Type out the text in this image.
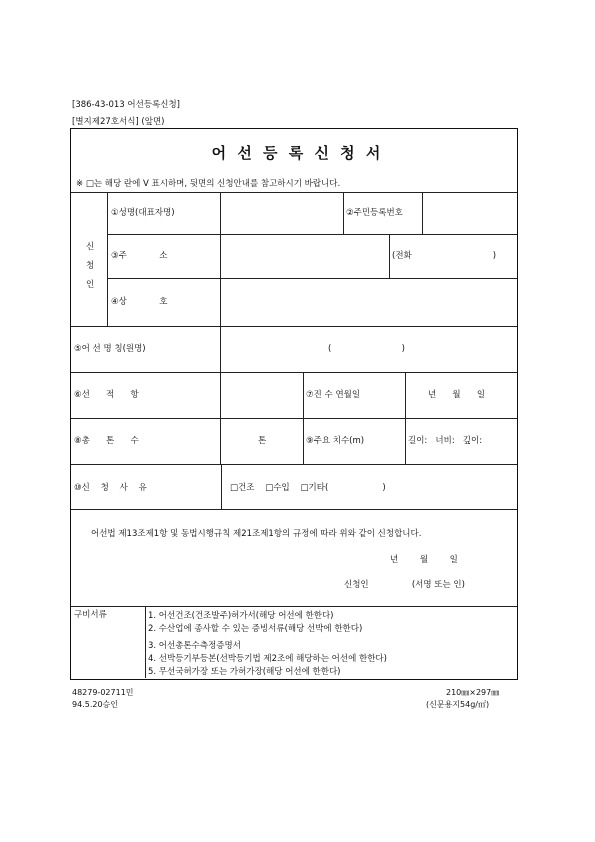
[386-43-013 어선등록신청]
[별지제27호서식] (앞면)
어 선 등 록 신 청 서
※ □는 해당 란에 V 표시하며, 뒷면의 신청안내를 참고하시기 바랍니다.
신
청
인
①성명(대표자명)	②주민등록번호
③주            소	(전화                              )
④상            호
⑤어 선 명 칭(원명)	(                          )
⑥선      적      항	⑦진 수 연월일	년      월      일
⑧총      톤      수	톤	⑨주요 치수(m)	길이:   너비:   깊이:
⑩신    청    사    유	□건조    □수입    □기타(                    )
어선법 제13조제1항 및 동법시행규칙 제21조제1항의 규정에 따라 위와 같이 신청합니다.
년        월        일
신청인                (서명 또는 인)
구비서류	1. 어선건조(건조발주)허가서(해당 어선에 한한다)
2. 수산업에 종사할 수 있는 증빙서류(해당 선박에 한한다)
3. 어선총톤수측정증명서
4. 선박등기부등본(선박등기법 제2조에 해당하는 어선에 한한다)
5. 무선국허가장 또는 가허가장(해당 어선에 한한다)
48279-02711민
94.5.20승인
210㎜×297㎜
(신문용지54g/㎡)
